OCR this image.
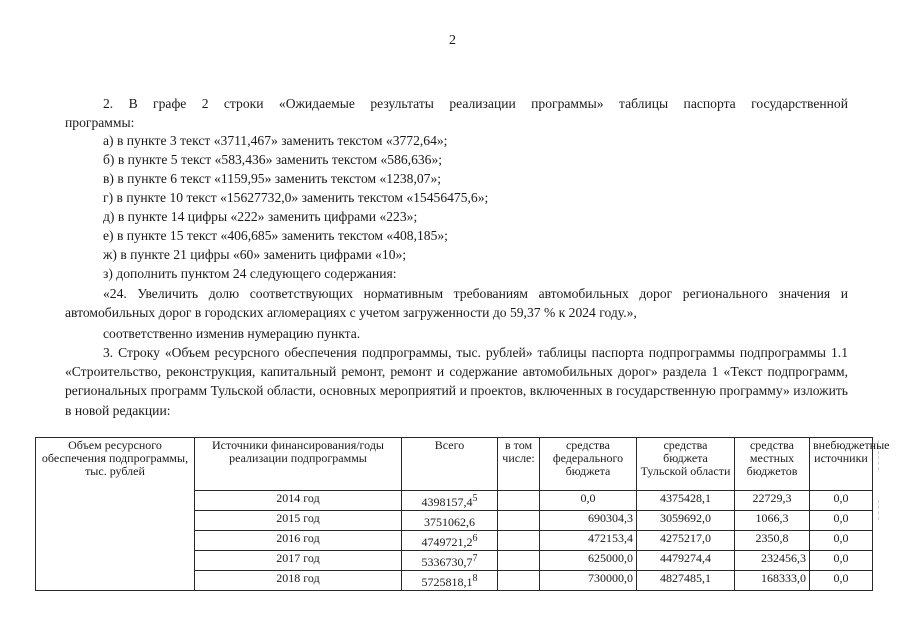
2
2. В графе 2 строки «Ожидаемые результаты реализации программы» таблицы паспорта государственной
программы:
а) в пункте 3 текст «3711,467» заменить текстом «3772,64»;
б) в пункте 5 текст «583,436» заменить текстом «586,636»;
в) в пункте 6 текст «1159,95» заменить текстом «1238,07»;
г) в пункте 10 текст «15627732,0» заменить текстом «15456475,6»;
д) в пункте 14 цифры «222» заменить цифрами «223»;
е) в пункте 15 текст «406,685» заменить текстом «408,185»;
ж) в пункте 21 цифры «60» заменить цифрами «10»;
з) дополнить пунктом 24 следующего содержания:
«24. Увеличить долю соответствующих нормативным требованиям автомобильных дорог регионального значения и автомобильных дорог в городских агломерациях с учетом загруженности до 59,37 % к 2024 году.»,
соответственно изменив нумерацию пункта.
3. Строку «Объем ресурсного обеспечения подпрограммы, тыс. рублей» таблицы паспорта подпрограммы подпрограммы 1.1 «Строительство, реконструкция, капитальный ремонт, ремонт и содержание автомобильных дорог» раздела 1 «Текст подпрограмм, региональных программ Тульской области, основных мероприятий и проектов, включенных в государственную программу» изложить в новой редакции:
Объем ресурсного обеспечения подпрограммы, тыс. рублей	Источники финансирования/годы реализации подпрограммы	Всего	в том числе:	средства федерального бюджета	средства бюджета Тульской области	средства местных бюджетов	внебюджетные источники
	2014 год	4398157,4$^5$		0,0	4375428,1	22729,3	0,0
	2015 год	3751062,6		690304,3	3059692,0	1066,3	0,0
	2016 год	4749721,2$^6$		472153,4	4275217,0	2350,8	0,0
	2017 год	5336730,7$^7$		625000,0	4479274,4	232456,3	0,0
	2018 год	5725818,1$^8$		730000,0	4827485,1	168333,0	0,0
